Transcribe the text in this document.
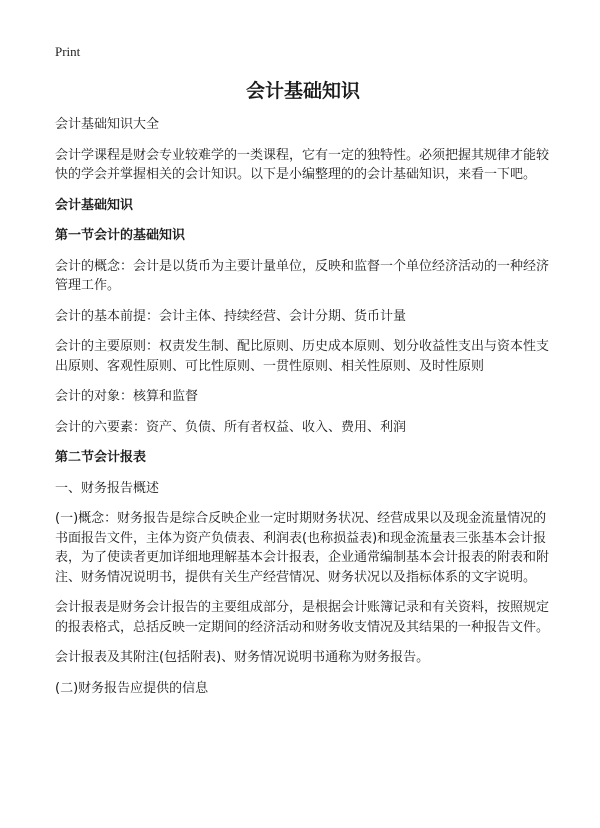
Print
会计基础知识
会计基础知识大全
会计学课程是财会专业较难学的一类课程，它有一定的独特性。必须把握其规律才能较快的学会并掌握相关的会计知识。以下是小编整理的的会计基础知识，来看一下吧。
会计基础知识
第一节会计的基础知识
会计的概念：会计是以货币为主要计量单位，反映和监督一个单位经济活动的一种经济管理工作。
会计的基本前提：会计主体、持续经营、会计分期、货币计量
会计的主要原则：权责发生制、配比原则、历史成本原则、划分收益性支出与资本性支出原则、客观性原则、可比性原则、一贯性原则、相关性原则、及时性原则
会计的对象：核算和监督
会计的六要素：资产、负债、所有者权益、收入、费用、利润
第二节会计报表
一、财务报告概述
(一)概念：财务报告是综合反映企业一定时期财务状况、经营成果以及现金流量情况的书面报告文件，主体为资产负债表、利润表(也称损益表)和现金流量表三张基本会计报表，为了使读者更加详细地理解基本会计报表，企业通常编制基本会计报表的附表和附注、财务情况说明书，提供有关生产经营情况、财务状况以及指标体系的文字说明。
会计报表是财务会计报告的主要组成部分，是根据会计账簿记录和有关资料，按照规定的报表格式，总括反映一定期间的经济活动和财务收支情况及其结果的一种报告文件。
会计报表及其附注(包括附表)、财务情况说明书通称为财务报告。
(二)财务报告应提供的信息
